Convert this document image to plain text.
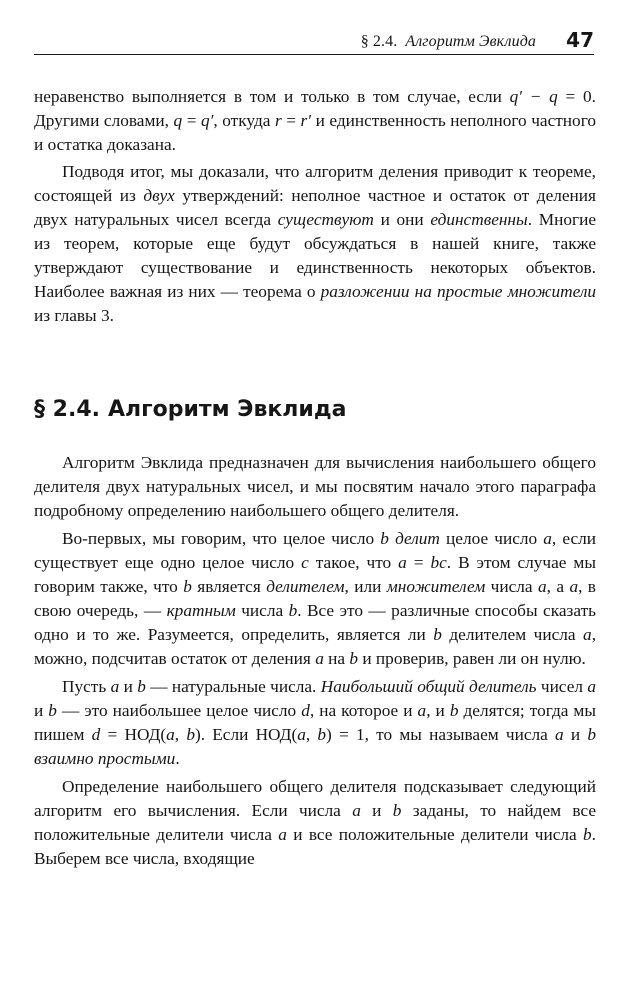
§ 2.4. Алгоритм Эвклида 47

неравенство выполняется в том и только в том случае, если q′ − q = 0. Другими словами, q = q′, откуда r = r′ и единственность неполного частного и остатка доказана.

Подводя итог, мы доказали, что алгоритм деления приводит к теореме, состоящей из двух утверждений: неполное частное и остаток от деления двух натуральных чисел всегда существуют и они единственны. Многие из теорем, которые еще будут обсуждаться в нашей книге, также утверждают существование и единственность некоторых объектов. Наиболее важная из них — теорема о разложении на простые множители из главы 3.

§ 2.4. Алгоритм Эвклида

Алгоритм Эвклида предназначен для вычисления наибольшего общего делителя двух натуральных чисел, и мы посвятим начало этого параграфа подробному определению наибольшего общего делителя.

Во-первых, мы говорим, что целое число b делит целое число a, если существует еще одно целое число c такое, что a = bc. В этом случае мы говорим также, что b является делителем, или множителем числа a, а a, в свою очередь, — кратным числа b. Все это — различные способы сказать одно и то же. Разумеется, определить, является ли b делителем числа a, можно, подсчитав остаток от деления a на b и проверив, равен ли он нулю.

Пусть a и b — натуральные числа. Наибольший общий делитель чисел a и b — это наибольшее целое число d, на которое и a, и b делятся; тогда мы пишем d = НОД(a, b). Если НОД(a, b) = 1, то мы называем числа a и b взаимно простыми.

Определение наибольшего общего делителя подсказывает следующий алгоритм его вычисления. Если числа a и b заданы, то найдем все положительные делители числа a и все положительные делители числа b. Выберем все числа, входящие
